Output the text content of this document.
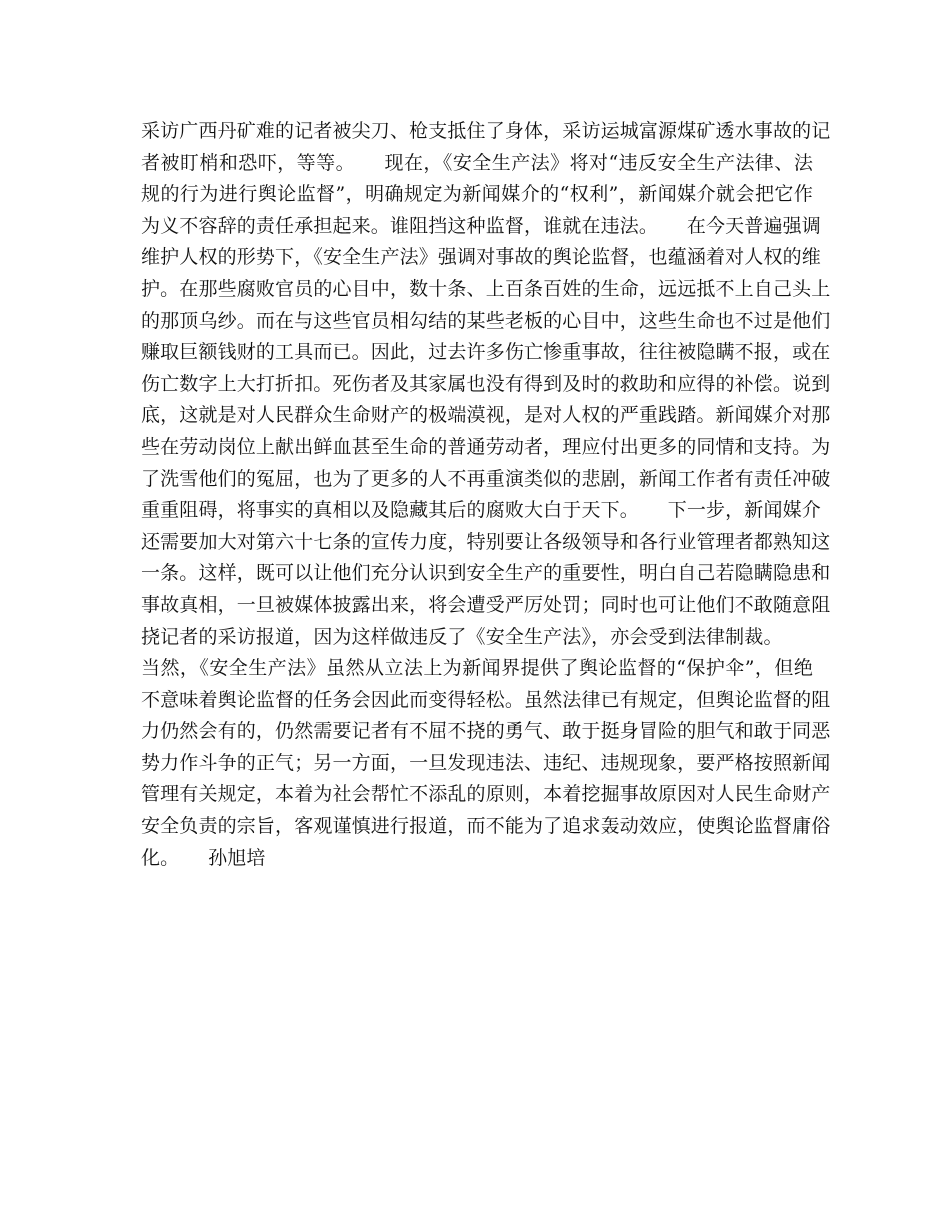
采访广西丹矿难的记者被尖刀、枪支抵住了身体，采访运城富源煤矿透水事故的记
者被盯梢和恐吓，等等。　　现在，《安全生产法》将对“违反安全生产法律、法
规的行为进行舆论监督”，明确规定为新闻媒介的“权利”，新闻媒介就会把它作
为义不容辞的责任承担起来。谁阻挡这种监督，谁就在违法。　　在今天普遍强调
维护人权的形势下，《安全生产法》强调对事故的舆论监督，也蕴涵着对人权的维
护。在那些腐败官员的心目中，数十条、上百条百姓的生命，远远抵不上自己头上
的那顶乌纱。而在与这些官员相勾结的某些老板的心目中，这些生命也不过是他们
赚取巨额钱财的工具而已。因此，过去许多伤亡惨重事故，往往被隐瞒不报，或在
伤亡数字上大打折扣。死伤者及其家属也没有得到及时的救助和应得的补偿。说到
底，这就是对人民群众生命财产的极端漠视，是对人权的严重践踏。新闻媒介对那
些在劳动岗位上献出鲜血甚至生命的普通劳动者，理应付出更多的同情和支持。为
了洗雪他们的冤屈，也为了更多的人不再重演类似的悲剧，新闻工作者有责任冲破
重重阻碍，将事实的真相以及隐藏其后的腐败大白于天下。　　下一步，新闻媒介
还需要加大对第六十七条的宣传力度，特别要让各级领导和各行业管理者都熟知这
一条。这样，既可以让他们充分认识到安全生产的重要性，明白自己若隐瞒隐患和
事故真相，一旦被媒体披露出来，将会遭受严厉处罚；同时也可让他们不敢随意阻
挠记者的采访报道，因为这样做违反了《安全生产法》，亦会受到法律制裁。
当然，《安全生产法》虽然从立法上为新闻界提供了舆论监督的“保护伞”，但绝
不意味着舆论监督的任务会因此而变得轻松。虽然法律已有规定，但舆论监督的阻
力仍然会有的，仍然需要记者有不屈不挠的勇气、敢于挺身冒险的胆气和敢于同恶
势力作斗争的正气；另一方面，一旦发现违法、违纪、违规现象，要严格按照新闻
管理有关规定，本着为社会帮忙不添乱的原则，本着挖掘事故原因对人民生命财产
安全负责的宗旨，客观谨慎进行报道，而不能为了追求轰动效应，使舆论监督庸俗
化。　　孙旭培
